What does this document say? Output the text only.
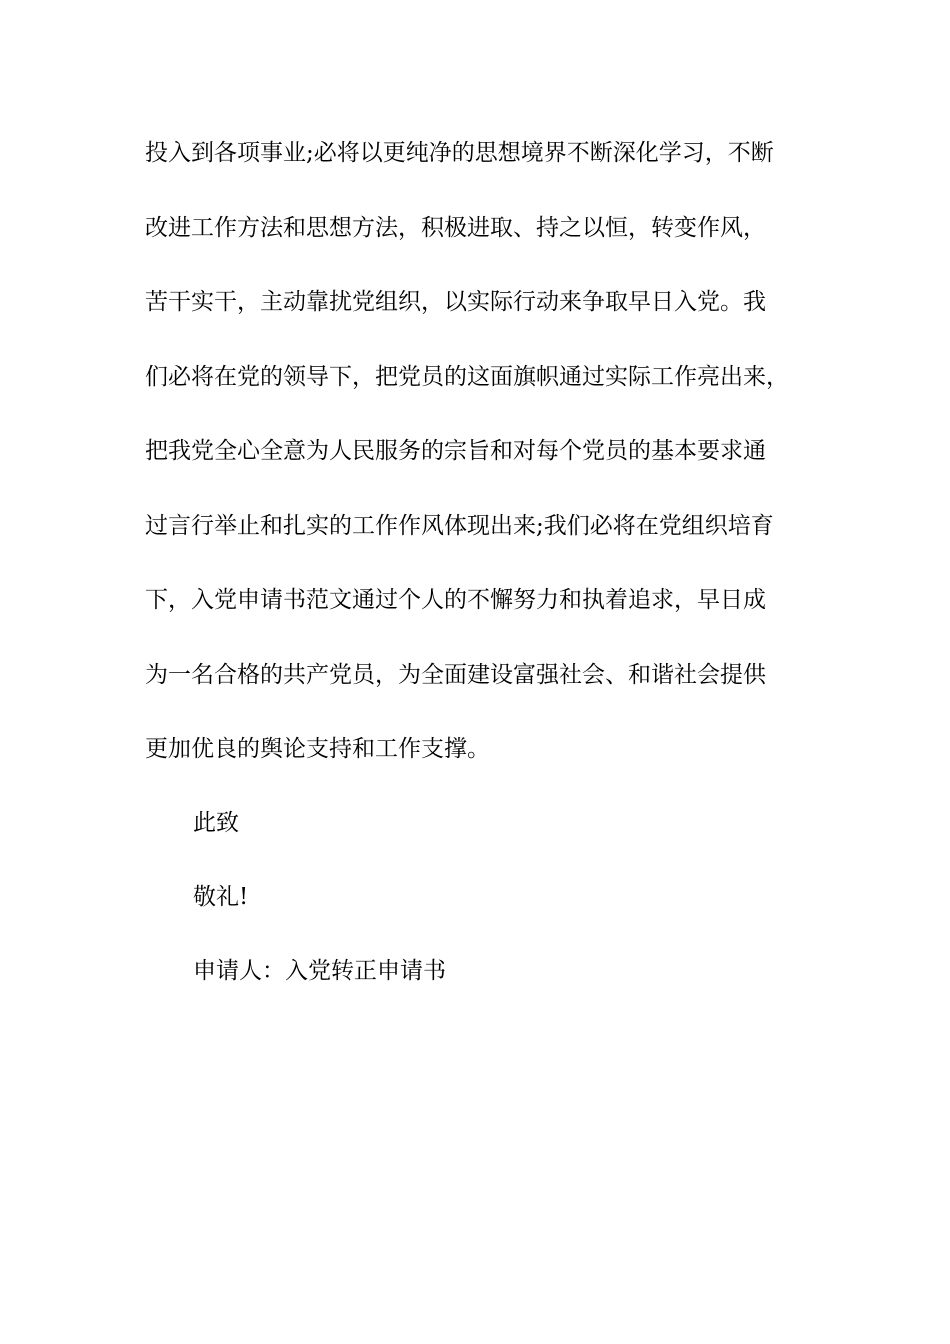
投入到各项事业;必将以更纯净的思想境界不断深化学习，不断
改进工作方法和思想方法，积极进取、持之以恒，转变作风，
苦干实干，主动靠扰党组织，以实际行动来争取早日入党。我
们必将在党的领导下，把党员的这面旗帜通过实际工作亮出来，
把我党全心全意为人民服务的宗旨和对每个党员的基本要求通
过言行举止和扎实的工作作风体现出来;我们必将在党组织培育
下，入党申请书范文通过个人的不懈努力和执着追求，早日成
为一名合格的共产党员，为全面建设富强社会、和谐社会提供
更加优良的舆论支持和工作支撑。
此致
敬礼!
申请人：入党转正申请书
